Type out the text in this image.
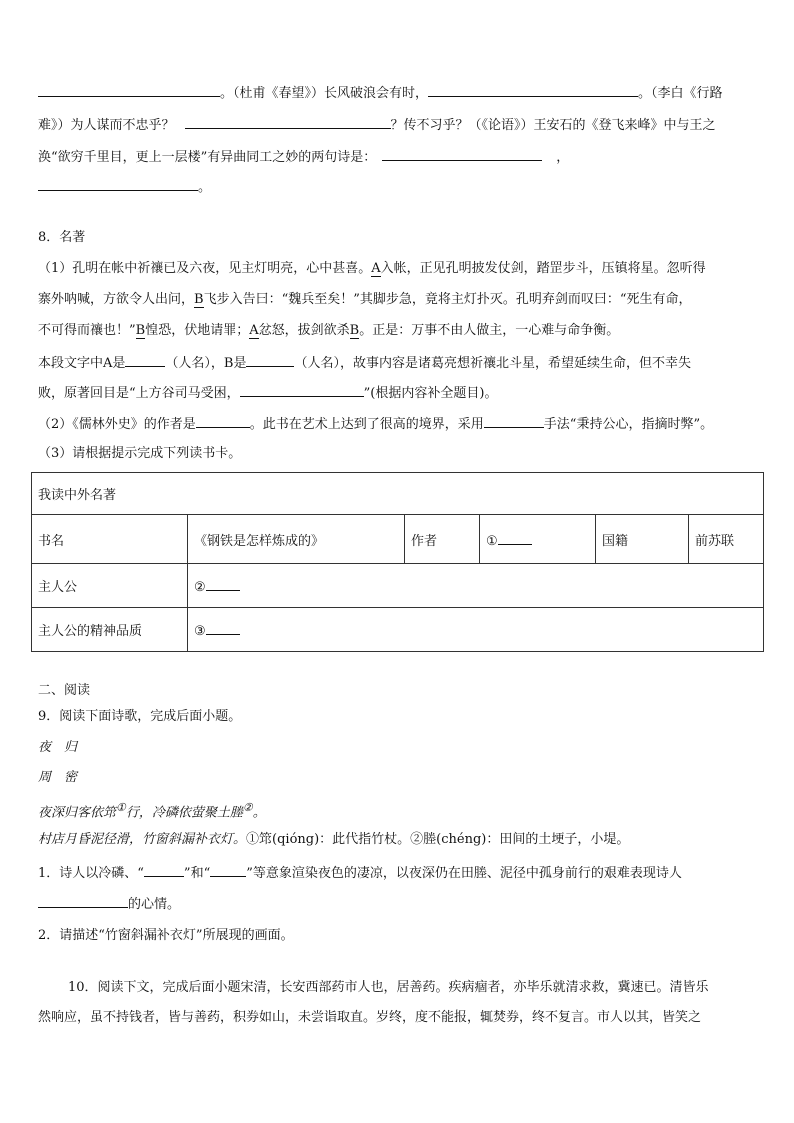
。（杜甫《春望》）长风破浪会有时，	。（李白《行路
难》）为人谋而不忠乎？	？传不习乎？（《论语》）王安石的《登飞来峰》中与王之
涣“欲穷千里目，更上一层楼”有异曲同工之妙的两句诗是：	，
。
8．名著
（1）孔明在帐中祈禳已及六夜，见主灯明亮，心中甚喜。A入帐，正见孔明披发仗剑，踏罡步斗，压镇将星。忽听得
寨外呐喊，方欲令人出问，B飞步入告曰：“魏兵至矣！”其脚步急，竟将主灯扑灭。孔明弃剑而叹曰：“死生有命，
不可得而禳也！”B惶恐，伏地请罪；A忿怒，拔剑欲杀B。正是：万事不由人做主，一心难与命争衡。
本段文字中A是	（人名），B是	（人名），故事内容是诸葛亮想祈禳北斗星，希望延续生命，但不幸失
败，原著回目是“上方谷司马受困，	”(根据内容补全题目)。
（2）《儒林外史》的作者是	。此书在艺术上达到了很高的境界，采用	手法“秉持公心，指摘时弊”。
（3）请根据提示完成下列读书卡。
我读中外名著					
书名	《钢铁是怎样炼成的》	作者	①	国籍	前苏联
主人公	②				
主人公的精神品质	③				
二、阅读
9．阅读下面诗歌，完成后面小题。
夜　归
周　密
夜深归客依筇①行，冷磷依萤聚土塍②。
村店月昏泥径滑，竹窗斜漏补衣灯。①筇(qióng)：此代指竹杖。②塍(chéng)：田间的土埂子，小堤。
1．诗人以冷磷、“	”和“	”等意象渲染夜色的凄凉，以夜深仍在田塍、泥径中孤身前行的艰难表现诗人
的心情。
2．请描述“竹窗斜漏补衣灯”所展现的画面。
10．阅读下文，完成后面小题宋清，长安西部药市人也，居善药。疾病痼者，亦毕乐就清求救，冀速已。清皆乐
然响应，虽不持钱者，皆与善药，积券如山，未尝诣取直。岁终，度不能报，辄焚券，终不复言。市人以其，皆笑之
